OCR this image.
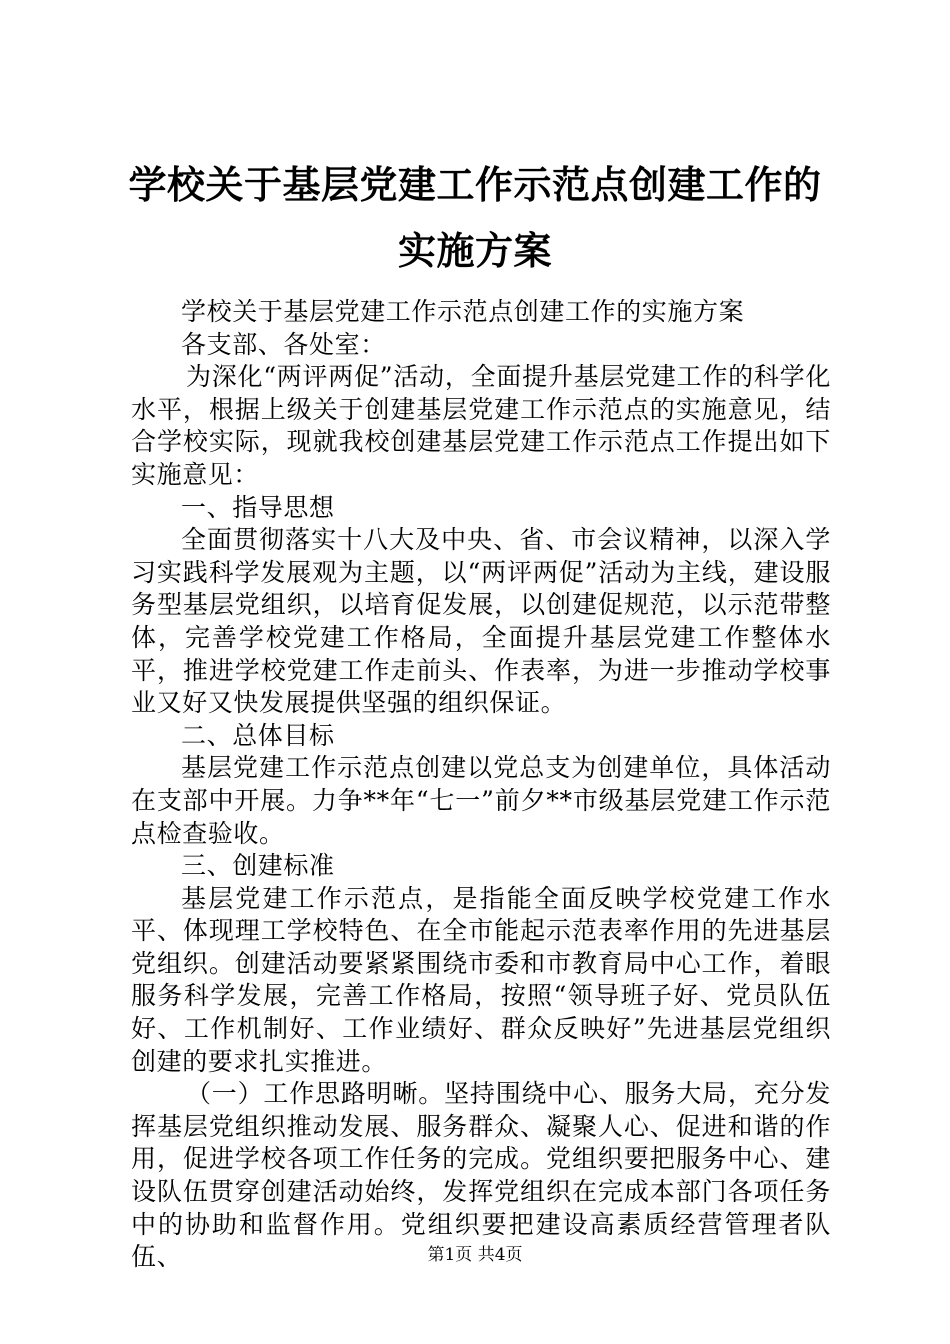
学校关于基层党建工作示范点创建工作的实施方案

学校关于基层党建工作示范点创建工作的实施方案

各支部、各处室：

为深化“两评两促”活动，全面提升基层党建工作的科学化水平，根据上级关于创建基层党建工作示范点的实施意见，结合学校实际，现就我校创建基层党建工作示范点工作提出如下实施意见：

一、指导思想

全面贯彻落实十八大及中央、省、市会议精神，以深入学习实践科学发展观为主题，以“两评两促”活动为主线，建设服务型基层党组织，以培育促发展，以创建促规范，以示范带整体，完善学校党建工作格局，全面提升基层党建工作整体水平，推进学校党建工作走前头、作表率，为进一步推动学校事业又好又快发展提供坚强的组织保证。

二、总体目标

基层党建工作示范点创建以党总支为创建单位，具体活动在支部中开展。力争**年“七一”前夕**市级基层党建工作示范点检查验收。

三、创建标准

基层党建工作示范点，是指能全面反映学校党建工作水平、体现理工学校特色、在全市能起示范表率作用的先进基层党组织。创建活动要紧紧围绕市委和市教育局中心工作，着眼服务科学发展，完善工作格局，按照“领导班子好、党员队伍好、工作机制好、工作业绩好、群众反映好”先进基层党组织创建的要求扎实推进。

（一）工作思路明晰。坚持围绕中心、服务大局，充分发挥基层党组织推动发展、服务群众、凝聚人心、促进和谐的作用，促进学校各项工作任务的完成。党组织要把服务中心、建设队伍贯穿创建活动始终，发挥党组织在完成本部门各项任务中的协助和监督作用。党组织要把建设高素质经营管理者队伍、	第1页 共4页
